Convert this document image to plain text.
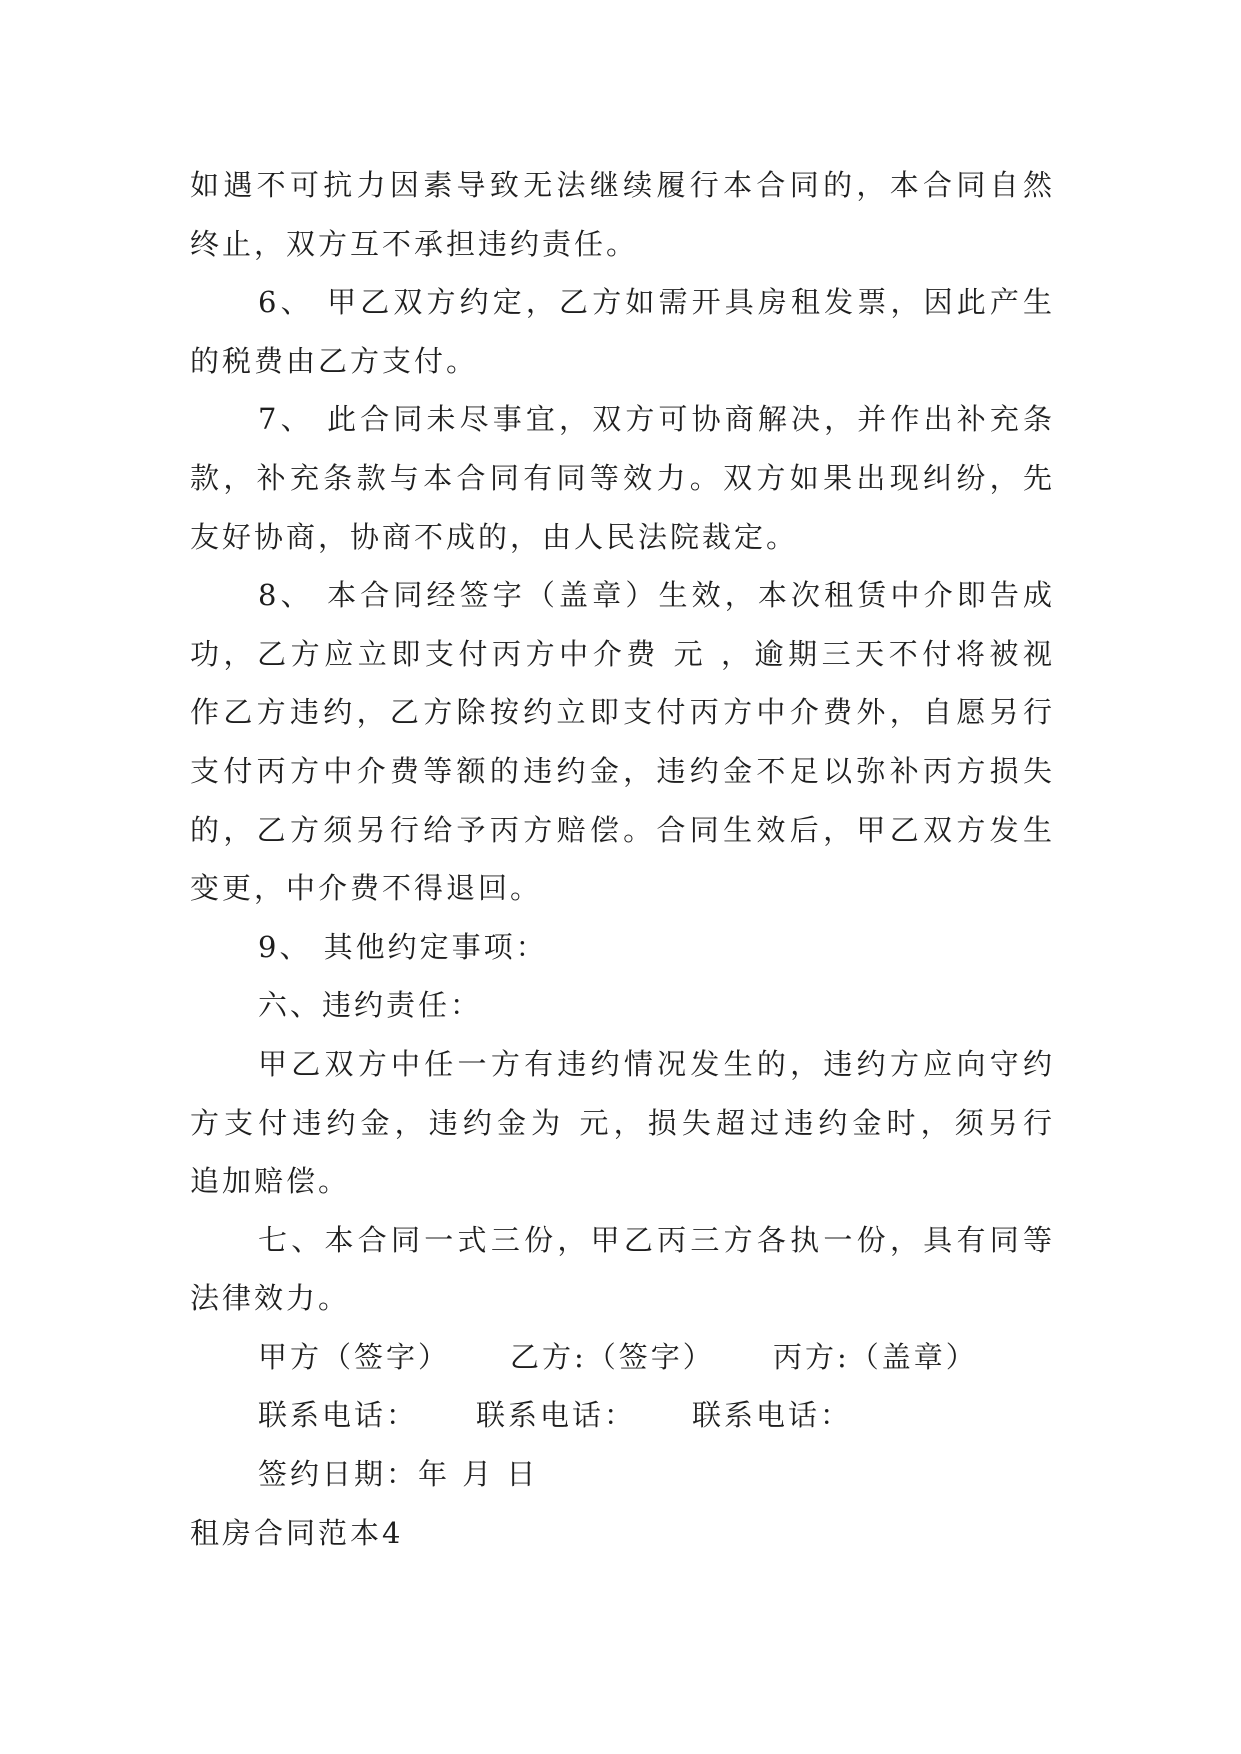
如遇不可抗力因素导致无法继续履行本合同的，本合同自然
终止，双方互不承担违约责任。
6、 甲乙双方约定，乙方如需开具房租发票，因此产生
的税费由乙方支付。
7、 此合同未尽事宜，双方可协商解决，并作出补充条
款，补充条款与本合同有同等效力。双方如果出现纠纷，先
友好协商，协商不成的，由人民法院裁定。
8、 本合同经签字（盖章）生效，本次租赁中介即告成
功，乙方应立即支付丙方中介费 元 ，逾期三天不付将被视
作乙方违约，乙方除按约立即支付丙方中介费外，自愿另行
支付丙方中介费等额的违约金，违约金不足以弥补丙方损失
的，乙方须另行给予丙方赔偿。合同生效后，甲乙双方发生
变更，中介费不得退回。
9、 其他约定事项：
六、违约责任：
甲乙双方中任一方有违约情况发生的，违约方应向守约
方支付违约金，违约金为 元，损失超过违约金时，须另行
追加赔偿。
七、本合同一式三份，甲乙丙三方各执一份，具有同等
法律效力。
甲方（签字） 乙方:（签字） 丙方:（盖章）
联系电话： 联系电话： 联系电话：
签约日期：年 月 日
租房合同范本4
